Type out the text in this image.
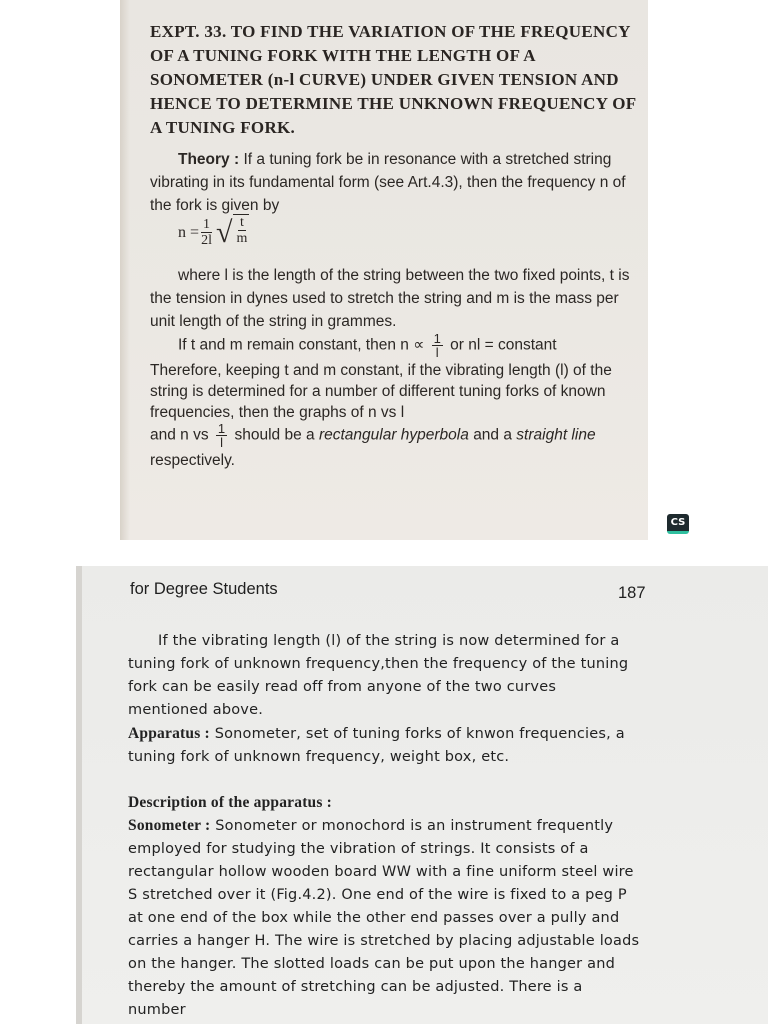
EXPT. 33. TO FIND THE VARIATION OF THE FREQUENCY OF A TUNING FORK WITH THE LENGTH OF A SONOMETER (n-l CURVE) UNDER GIVEN TENSION AND HENCE TO DETERMINE THE UNKNOWN FREQUENCY OF A TUNING FORK.

Theory : If a tuning fork be in resonance with a stretched string vibrating in its fundamental form (see Art.4.3), then the frequency n of the fork is given by

$n = \frac{1}{2l}$ √ $\frac{t}{m}$

where l is the length of the string between the two fixed points, t is the tension in dynes used to stretch the string and m is the mass per unit length of the string in grammes.

If t and m remain constant, then $n \propto \frac{1}{l}$ or nl = constant

Therefore, keeping t and m constant, if the vibrating length (l) of the string is determined for a number of different tuning forks of known frequencies, then the graphs of n vs l

and n vs $\frac{1}{l}$ should be a rectangular hyperbola and a straight line respectively.

CS
for Degree Students	187

If the vibrating length (l) of the string is now determined for a tuning fork of unknown frequency,then the frequency of the tuning fork can be easily read off from anyone of the two curves mentioned above.

Apparatus : Sonometer, set of tuning forks of knwon frequencies, a tuning fork of unknown frequency, weight box, etc.

Description of the apparatus :

Sonometer : Sonometer or monochord is an instrument frequently employed for studying the vibration of strings. It consists of a rectangular hollow wooden board WW with a fine uniform steel wire S stretched over it (Fig.4.2). One end of the wire is fixed to a peg P at one end of the box while the other end passes over a pully and carries a hanger H. The wire is stretched by placing adjustable loads on the hanger. The slotted loads can be put upon the hanger and thereby the amount of stretching can be adjusted. There is a number
